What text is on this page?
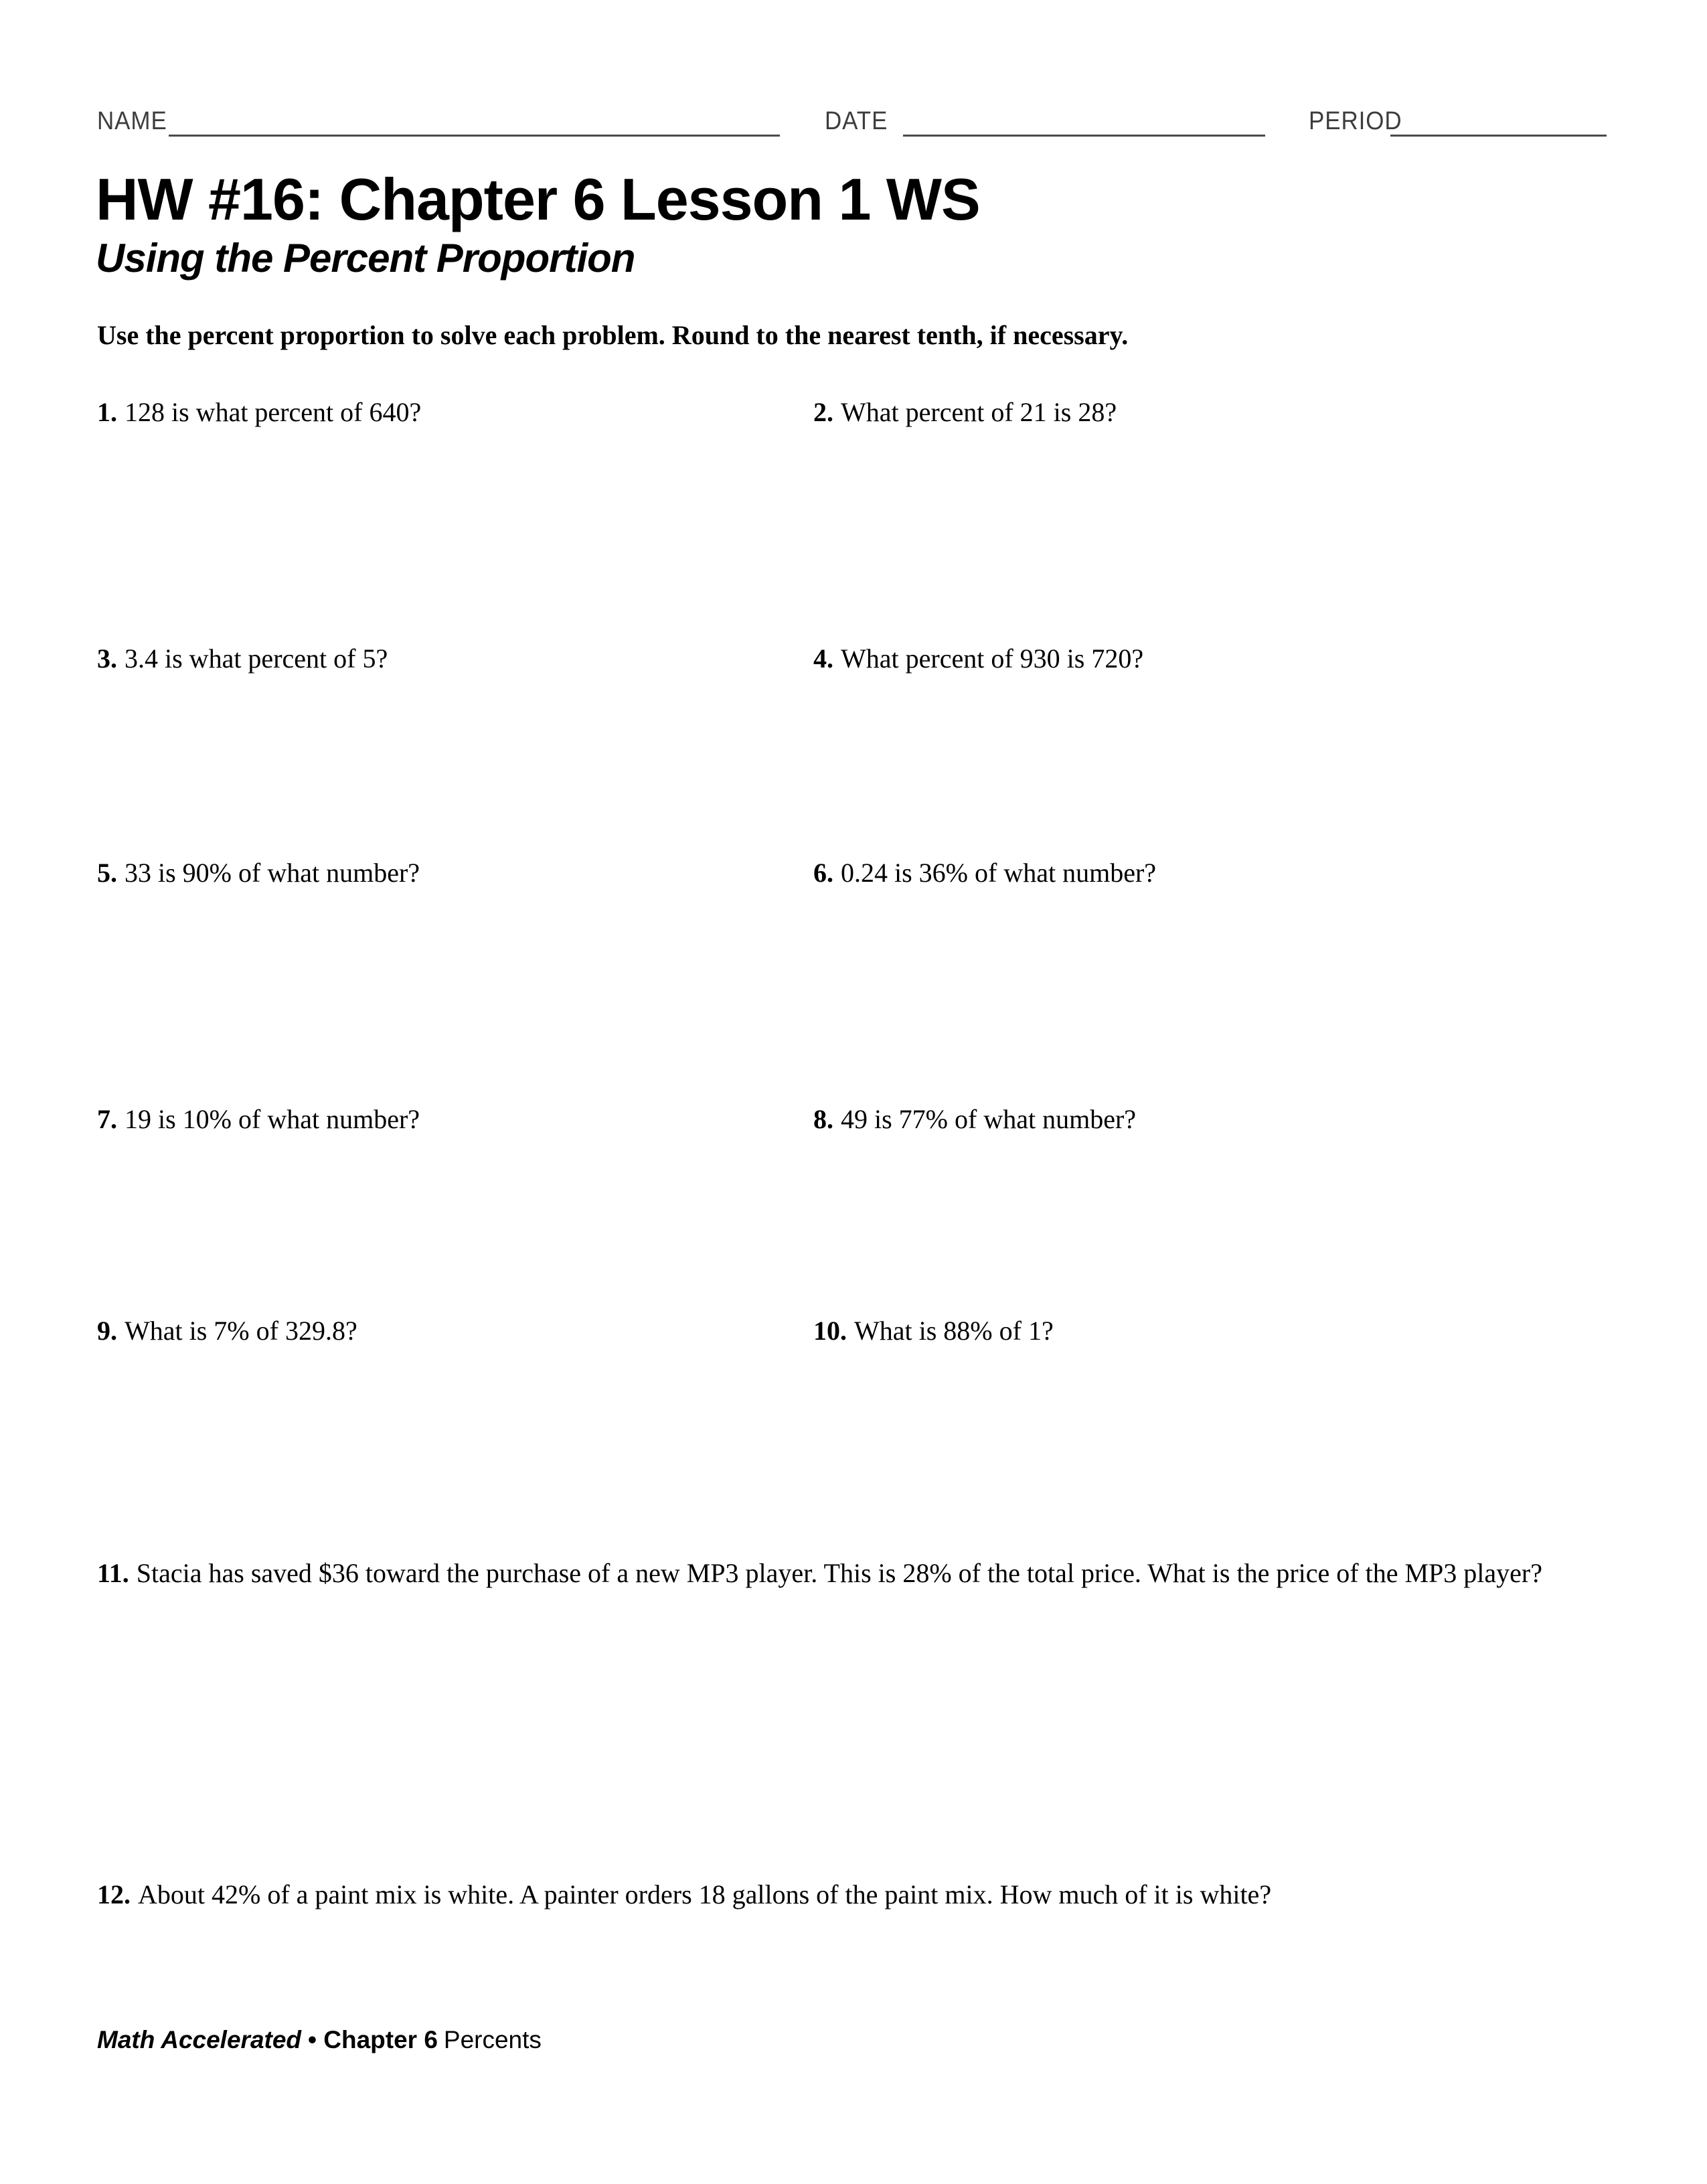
NAME	DATE	PERIOD
HW #16: Chapter 6 Lesson 1 WS
Using the Percent Proportion
Use the percent proportion to solve each problem. Round to the nearest tenth, if necessary.
1. 128 is what percent of 640?	2. What percent of 21 is 28?
3. 3.4 is what percent of 5?	4. What percent of 930 is 720?
5. 33 is 90% of what number?	6. 0.24 is 36% of what number?
7. 19 is 10% of what number?	8. 49 is 77% of what number?
9. What is 7% of 329.8?	10. What is 88% of 1?
11. Stacia has saved $36 toward the purchase of a new MP3 player. This is 28% of the total price. What is the price of the MP3 player?
12. About 42% of a paint mix is white. A painter orders 18 gallons of the paint mix. How much of it is white?
Math Accelerated • Chapter 6 Percents
